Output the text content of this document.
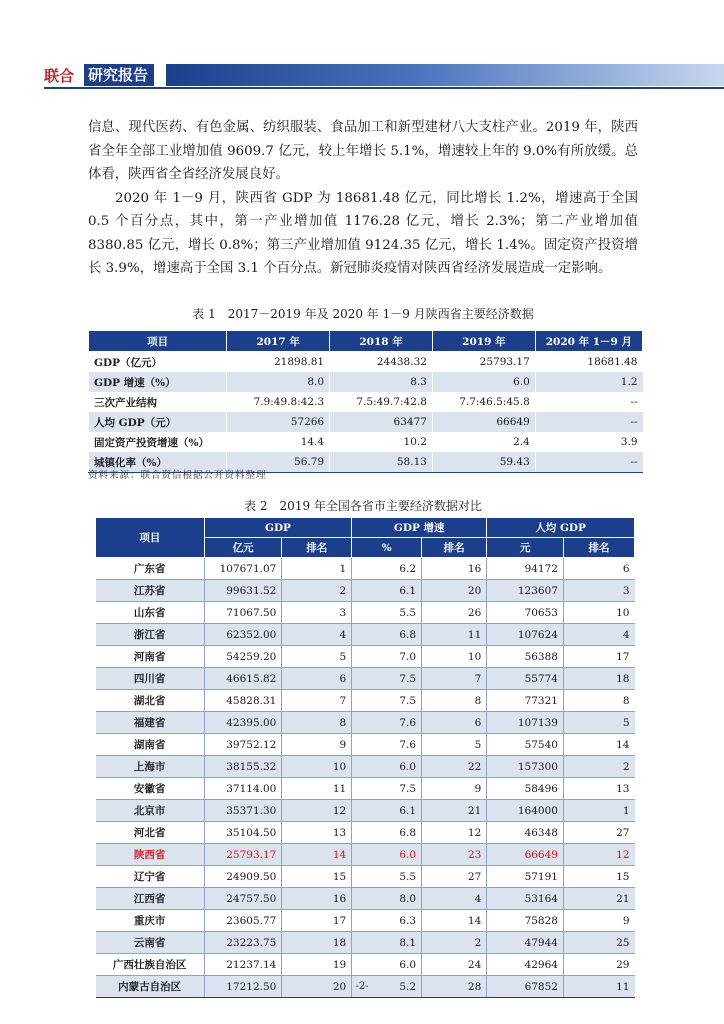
联合 研究报告

信息、现代医药、有色金属、纺织服装、食品加工和新型建材八大支柱产业。2019 年，陕西省全年全部工业增加值 9609.7 亿元，较上年增长 5.1%，增速较上年的 9.0%有所放缓。总体看，陕西省全省经济发展良好。

2020 年 1－9 月，陕西省 GDP 为 18681.48 亿元，同比增长 1.2%，增速高于全国 0.5 个百分点，其中，第一产业增加值 1176.28 亿元，增长 2.3%；第二产业增加值 8380.85 亿元，增长 0.8%；第三产业增加值 9124.35 亿元，增长 1.4%。固定资产投资增长 3.9%，增速高于全国 3.1 个百分点。新冠肺炎疫情对陕西省经济发展造成一定影响。

表 1　2017－2019 年及 2020 年 1－9 月陕西省主要经济数据
项目	2017 年	2018 年	2019 年	2020 年 1－9 月
GDP（亿元）	21898.81	24438.32	25793.17	18681.48
GDP 增速（%）	8.0	8.3	6.0	1.2
三次产业结构	7.9:49.8:42.3	7.5:49.7:42.8	7.7:46.5:45.8	--
人均 GDP（元）	57266	63477	66649	--
固定资产投资增速（%）	14.4	10.2	2.4	3.9
城镇化率（%）	56.79	58.13	59.43	--
资料来源：联合资信根据公开资料整理
表 2　2019 年全国各省市主要经济数据对比
项目	GDP		GDP 增速		人均 GDP	
	亿元	排名	%	排名	元	排名
广东省	107671.07	1	6.2	16	94172	6
江苏省	99631.52	2	6.1	20	123607	3
山东省	71067.50	3	5.5	26	70653	10
浙江省	62352.00	4	6.8	11	107624	4
河南省	54259.20	5	7.0	10	56388	17
四川省	46615.82	6	7.5	7	55774	18
湖北省	45828.31	7	7.5	8	77321	8
福建省	42395.00	8	7.6	6	107139	5
湖南省	39752.12	9	7.6	5	57540	14
上海市	38155.32	10	6.0	22	157300	2
安徽省	37114.00	11	7.5	9	58496	13
北京市	35371.30	12	6.1	21	164000	1
河北省	35104.50	13	6.8	12	46348	27
陕西省	25793.17	14	6.0	23	66649	12
辽宁省	24909.50	15	5.5	27	57191	15
江西省	24757.50	16	8.0	4	53164	21
重庆市	23605.77	17	6.3	14	75828	9
云南省	23223.75	18	8.1	2	47944	25
广西壮族自治区	21237.14	19	6.0	24	42964	29
内蒙古自治区	17212.50	20	5.2	28	67852	11
-2-
